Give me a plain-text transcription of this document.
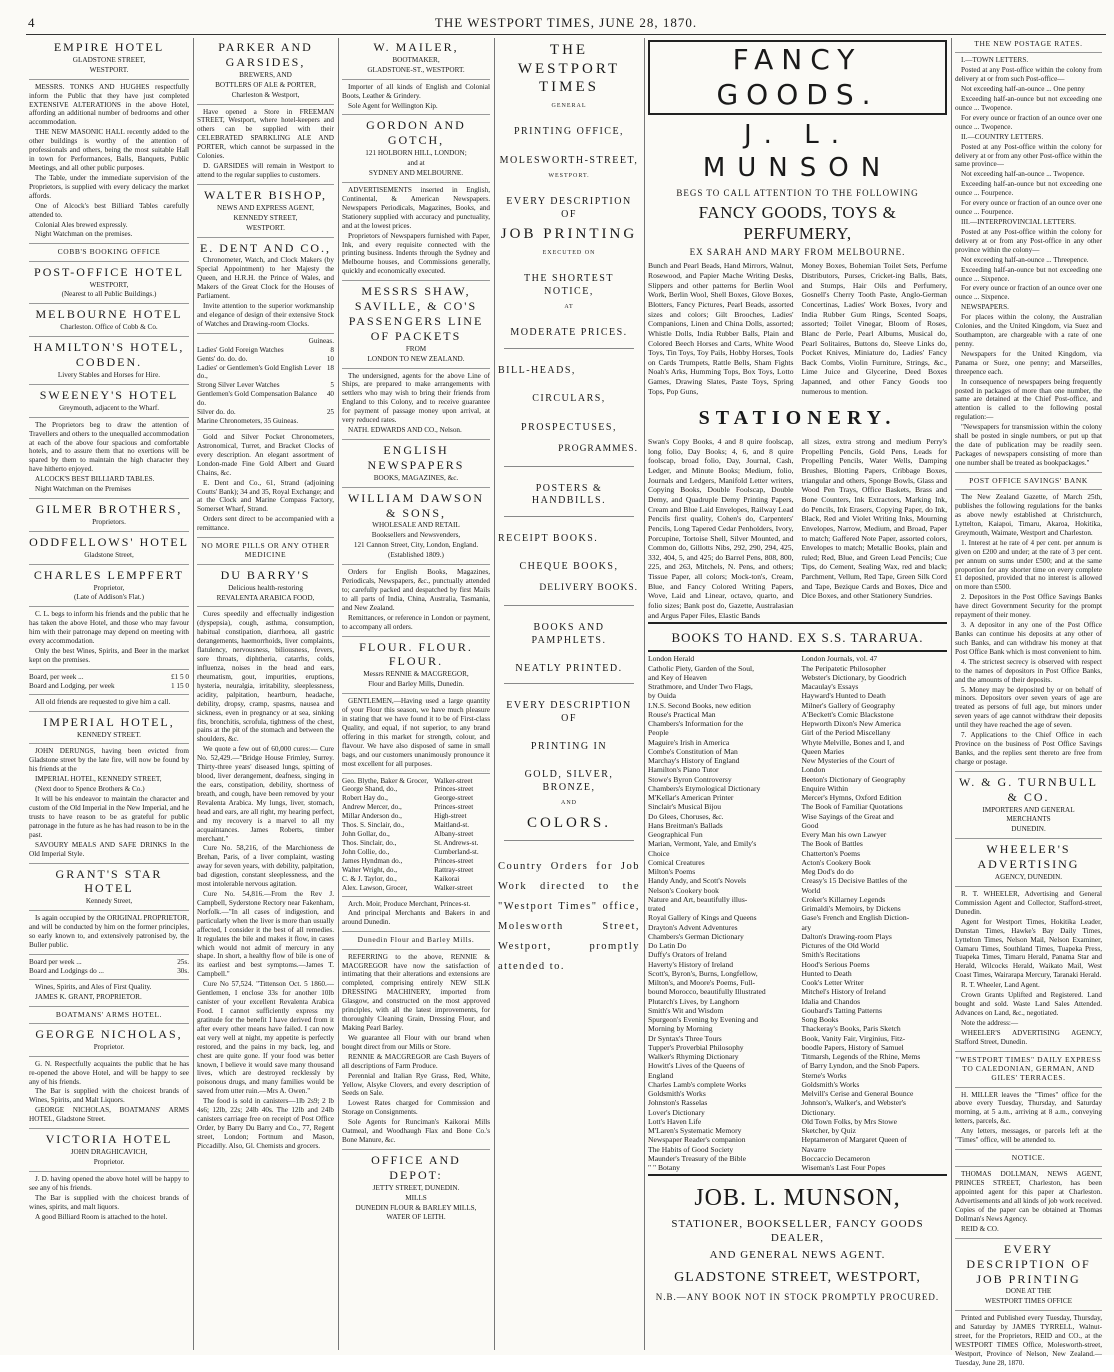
4	THE WESTPORT TIMES, JUNE 28, 1870.
EMPIRE HOTEL
GLADSTONE STREET,
WESTPORT.
MESSRS. TONKS AND HUGHES respectfully inform the Public that they have just completed EXTENSIVE ALTERATIONS in the above Hotel, affording an additional number of bedrooms and other accommodation.
THE NEW MASONIC HALL recently added to the other buildings is worthy of the attention of professionals and others, being the most suitable Hall in town for Performances, Balls, Banquets, Public Meetings, and all other public purposes.
The Table, under the immediate supervision of the Proprietors, is supplied with every delicacy the market affords.
One of Alcock's best Billiard Tables carefully attended to.
Colonial Ales brewed expressly.
Night Watchman on the premises.
COBB'S BOOKING OFFICE
POST-OFFICE HOTEL
WESTPORT,
(Nearest to all Public Buildings.)
MELBOURNE HOTEL
Charleston. Office of Cobb & Co.
HAMILTON'S HOTEL, COBDEN.
Livery Stables and Horses for Hire.
SWEENEY'S HOTEL
Greymouth, adjacent to the Wharf.
The Proprietors beg to draw the attention of Travellers and others to the unequalled accommodation at each of the above four spacious and comfortable hotels, and to assure them that no exertions will be spared by them to maintain the high character they have hitherto enjoyed.
ALCOCK'S BEST BILLIARD TABLES.
Night Watchman on the Premises
GILMER BROTHERS,
Proprietors.
ODDFELLOWS' HOTEL
Gladstone Street,
CHARLES LEMPFERT
Proprietor,
(Late of Addison's Flat.)
C. L. begs to inform his friends and the public that he has taken the above Hotel, and those who may favour him with their patronage may depend on meeting with every accommodation.
Only the best Wines, Spirits, and Beer in the market kept on the premises.
Board, per week ...	£1 5 0
Board and Lodging, per week	1 15 0
All old friends are requested to give him a call.
IMPERIAL HOTEL,
KENNEDY STREET.
JOHN DERUNGS, having been evicted from Gladstone street by the late fire, will now be found by his friends at the
IMPERIAL HOTEL, KENNEDY STREET,
(Next door to Spence Brothers & Co.)
It will be his endeavor to maintain the character and custom of the Old Imperial in the New Imperial, and he trusts to have reason to be as grateful for public patronage in the future as he has had reason to be in the past.
SAVOURY MEALS AND SAFE DRINKS In the Old Imperial Style.
GRANT'S STAR HOTEL
Kennedy Street,
Is again occupied by the ORIGINAL PROPRIETOR, and will be conducted by him on the former principles, so early known to, and extensively patronised by, the Buller public.
Board per week ...	25s.
Board and Lodgings do ...	30s.
Wines, Spirits, and Ales of First Quality.
JAMES K. GRANT, PROPRIETOR.
BOATMANS' ARMS HOTEL.
GEORGE NICHOLAS,
Proprietor.
G. N. Respectfully acquaints the public that he has re-opened the above Hotel, and will be happy to see any of his friends.
The Bar is supplied with the choicest brands of Wines, Spirits, and Malt Liquors.
GEORGE NICHOLAS, BOATMANS' ARMS HOTEL, Gladstone Street.
VICTORIA HOTEL
JOHN DRAGHICAVICH,
Proprietor.
J. D. having opened the above hotel will be happy to see any of his friends.
The Bar is supplied with the choicest brands of wines, spirits, and malt liquors.
A good Billiard Room is attached to the hotel.
PARKER AND GARSIDES,
BREWERS, AND
BOTTLERS OF ALE & PORTER,
Charleston & Westport,
Have opened a Store in FREEMAN STREET, Westport, where hotel-keepers and others can be supplied with their CELEBRATED SPARKLING ALE AND PORTER, which cannot be surpassed in the Colonies.
D. GARSIDES will remain in Westport to attend to the regular supplies to customers.
WALTER BISHOP,
NEWS AND EXPRESS AGENT,
KENNEDY STREET,
WESTPORT.
E. DENT AND CO.,
Chronometer, Watch, and Clock Makers (by Special Appointment) to her Majesty the Queen, and H.R.H. the Prince of Wales, and Makers of the Great Clock for the Houses of Parliament.
Invite attention to the superior workmanship and elegance of design of their extensive Stock of Watches and Drawing-room Clocks.
Guineas.
Ladies' Gold Foreign Watches	8
Gents' do. do. do.	10
Ladies' or Gentlemen's Gold English Lever do.,
18
Strong Silver Lever Watches	5
Gentlemen's Gold Compensation Balance do.
40
Silver do. do.	25
Marine Chronometers, 35 Guineas.
Gold and Silver Pocket Chronometers, Astronomical, Turret, and Bracket Clocks of every description. An elegant assortment of London-made Fine Gold Albert and Guard Chains, &c.
E. Dent and Co., 61, Strand (adjoining Coutts' Bank); 34 and 35, Royal Exchange; and at the Clock and Marine Compass Factory, Somerset Wharf, Strand.
Orders sent direct to be accompanied with a remittance.
NO MORE PILLS OR ANY OTHER MEDICINE
DU BARRY'S
Delicious health-restoring
REVALENTA ARABICA FOOD,
Cures speedily and effectually indigestion (dyspepsia), cough, asthma, consumption, habitual constipation, diarrhoea, all gastric derangements, haemorrhoids, liver complaints, flatulency, nervousness, biliousness, fevers, sore throats, diphtheria, catarrhs, colds, influenza, noises in the head and ears, rheumatism, gout, impurities, eruptions, hysteria, neuralgia, irritability, sleeplessness, acidity, palpitation, heartburn, headache, debility, dropsy, cramp, spasms, nausea and sickness, even in pregnancy or at sea, sinking fits, bronchitis, scrofula, tightness of the chest, pains at the pit of the stomach and between the shoulders, &c.
We quote a few out of 60,000 cures:— Cure No. 52,429.—"Bridge House Frimley, Surrey. Thirty-three years' diseased lungs, spitting of blood, liver derangement, deafness, singing in the ears, constipation, debility, shortness of breath, and cough, have been removed by your Revalenta Arabica. My lungs, liver, stomach, head and ears, are all right, my hearing perfect, and my recovery is a marvel to all my acquaintances. James Roberts, timber merchant."
Cure No. 58,216, of the Marchioness de Brehan, Paris, of a liver complaint, wasting away for seven years, with debility, palpitation, bad digestion, constant sleeplessness, and the most intolerable nervous agitation.
Cure No. 54,816.—From the Rev J. Campbell, Syderstone Rectory near Fakenham, Norfolk.—"In all cases of indigestion, and particularly when the liver is more than usually affected, I consider it the best of all remedies. It regulates the bile and makes it flow, in cases which would not admit of mercury in any shape. In short, a healthy flow of bile is one of its earliest and best symptoms.—James T. Campbell."
Cure No 57,524. "Tittenson Oct. 5 1860.—Gentlemen, I enclose 33s for another 10lb canister of your excellent Revalenta Arabica Food. I cannot sufficiently express my gratitude for the benefit I have derived from it after every other means have failed. I can now eat very well at night, my appetite is perfectly restored, and the pains in my back, leg, and chest are quite gone. If your food was better known, I believe it would save many thousand lives, which are destroyed recklessly by poisonous drugs, and many families would be saved from utter ruin.—Mrs A. Owen."
The food is sold in canisters—1lb 2s9; 2 lb 4s6; 12lb, 22s; 24lb 40s. The 12lb and 24lb canisters carriage free on receipt of Post Office Order, by Barry Du Barry and Co., 77, Regent street, London; Fortnum and Mason, Piccadilly. Also, Gl. Chemists and grocers.
W. MAILER,
BOOTMAKER,
GLADSTONE-ST., WESTPORT.
Importer of all kinds of English and Colonial Boots, Leather & Grindery.
Sole Agent for Wellington Kip.
GORDON AND GOTCH,
121 HOLBORN HILL, LONDON;
and at
SYDNEY AND MELBOURNE.
ADVERTISEMENTS inserted in English, Continental, & American Newspapers. Newspapers Periodicals, Magazines, Books, and Stationery supplied with accuracy and punctuality, and at the lowest prices.
Proprietors of Newspapers furnished with Paper, Ink, and every requisite connected with the printing business. Indents through the Sydney and Melbourne houses, and Commissions generally, quickly and economically executed.
MESSRS SHAW, SAVILLE, & CO'S PASSENGERS LINE OF PACKETS
FROM
LONDON TO NEW ZEALAND.
The undersigned, agents for the above Line of Ships, are prepared to make arrangements with settlers who may wish to bring their friends from England to this Colony, and to receive guarantee for payment of passage money upon arrival, at very reduced rates.
NATH. EDWARDS AND CO., Nelson.
ENGLISH NEWSPAPERS
BOOKS, MAGAZINES, &c.
WILLIAM DAWSON & SONS,
WHOLESALE AND RETAIL
Booksellers and Newsvenders,
121 Cannon Street, City, London, England.
(Established 1809.)
Orders for English Books, Magazines, Periodicals, Newspapers, &c., punctually attended to; carefully packed and despatched by first Mails to all parts of India, China, Australia, Tasmania, and New Zealand.
Remittances, or reference in London or payment, to accompany all orders.
FLOUR. FLOUR. FLOUR.
Messrs RENNIE & MACGREGOR,
Flour and Barley Mills, Dunedin.
GENTLEMEN,—Having used a large quantity of your Flour this season, we have much pleasure in stating that we have found it to be of First-class Quality, and equal, if not superior, to any brand offering in this market for strength, colour, and flavour. We have also disposed of same in small bags, and our customers unanimously pronounce it most excellent for all purposes.
Geo. Blythe, Baker & Grocer, Walker-street
George Shand, do.,	Princes-street
Robert Hay do.,	George-street
Andrew Mercer, do.,	Princes-street
Millar Anderson do.,	High-street
Thos. S. Sinclair, do.,	Maitland-st.
John Gollar, do.,	Albany-street
Thos. Sinclair, do.,	St. Andrews-st.
John Collie, do.,	Cumberland-st.
James Hyndman do.,	Princes-street
Walter Wright, do.,	Rattray-street
C. & J. Taylor, do.,	Kaikorai
Alex. Lawson, Grocer,	Walker-street
Arch. Moir, Produce Merchant, Princes-st.
And principal Merchants and Bakers in and around Dunedin.
Dunedin Flour and Barley Mills.
REFERRING to the above, RENNIE & MACGREGOR have now the satisfaction of intimating that their alterations and extensions are completed, comprising entirely NEW SILK DRESSING MACHINERY, imported from Glasgow, and constructed on the most approved principles, with all the latest improvements, for thoroughly Cleaning Grain, Dressing Flour, and Making Pearl Barley.
We guarantee all Flour with our brand when bought direct from our Mills or Store.
RENNIE & MACGREGOR are Cash Buyers of all descriptions of Farm Produce.
Perennial and Italian Rye Grass, Red, White, Yellow, Alsyke Clovers, and every description of Seeds on Sale.
Lowest Rates charged for Commission and Storage on Consignments.
Sole Agents for Runciman's Kaikorai Mills Oatmeal, and Woodhaugh Flax and Bone Co.'s Bone Manure, &c.
OFFICE AND DEPOT:
JETTY STREET, DUNEDIN.
MILLS
DUNEDIN FLOUR & BARLEY MILLS,
WATER OF LEITH.
THE WESTPORT TIMES
GENERAL
PRINTING OFFICE,
MOLESWORTH-STREET,
WESTPORT.
EVERY DESCRIPTION OF
JOB PRINTING
EXECUTED ON
THE SHORTEST NOTICE,
AT
MODERATE PRICES.
BILL-HEADS,
CIRCULARS,
PROSPECTUSES,
PROGRAMMES.
POSTERS & HANDBILLS.
RECEIPT BOOKS.
CHEQUE BOOKS,
DELIVERY BOOKS.
BOOKS AND PAMPHLETS.
NEATLY PRINTED.
EVERY DESCRIPTION OF
PRINTING IN
GOLD, SILVER, BRONZE,
AND
COLORS.
Country Orders for Job Work directed to the "Westport Times" office, Molesworth Street, Westport, promptly attended to.
FANCY GOODS.
J. L. MUNSON
BEGS TO CALL ATTENTION TO THE FOLLOWING
FANCY GOODS, TOYS & PERFUMERY,
EX SARAH AND MARY FROM MELBOURNE.
Bunch and Pearl Beads, Hand Mirrors, Walnut, Rosewood, and Papier Mache Writing Desks, Slippers and other patterns for Berlin Wool Work, Berlin Wool, Shell Boxes, Glove Boxes, Blotters, Fancy Pictures, Pearl Beads, assorted sizes and colors; Gilt Brooches, Ladies' Companions, Linen and China Dolls, assorted; Whistle Dolls, India Rubber Balls, Plain and Colored Beech Horses and Carts, White Wood Toys, Tin Toys, Toy Pails, Hobby Horses, Tools on Cards Trumpets, Rattle Bells, Sham Fights Noah's Arks, Humming Tops, Box Toys, Lotto Games, Drawing Slates, Paste Toys, Spring Tops, Pop Guns,
Money Boxes, Bohemian Toilet Sets, Perfume Distributors, Purses, Cricket-ing Balls, Bats, and Stumps, Hair Oils and Perfumery, Gosnell's Cherry Tooth Paste, Anglo-German Concertinas, Ladies' Work Boxes, Ivory and India Rubber Gum Rings, Scented Soaps, assorted; Toilet Vinegar, Bloom of Roses, Blanc de Perle, Pearl Albums, Musical do, Pearl Solitaires, Buttons do, Sleeve Links do, Pocket Knives, Miniature do, Ladies' Fancy Back Combs, Violin Furniture, Strings, &c., Lime Juice and Glycerine, Deed Boxes Japanned, and other Fancy Goods too numerous to mention.
STATIONERY.
Swan's Copy Books, 4 and 8 quire foolscap, long folio, Day Books; 4, 6, and 8 quire foolscap, broad folio, Day, Journal, Cash, Ledger, and Minute Books; Medium, folio, Journals and Ledgers, Manifold Letter writers, Copying Books, Double Foolscap, Double Demy, and Quadruple Demy Printing Papers, Cream and Blue Laid Envelopes, Railway Lead Pencils first quality, Cohen's do, Carpenters' Pencils, Long Tapered Cedar Penholders, Ivory, Porcupine, Tortoise Shell, Silver Mounted, and Common do, Gillotts Nibs, 292, 290, 294, 425, 332, 404, 5, and 425; do Barrel Pens, 808, 800, 225, and 263, Mitchels, N. Pens, and others; Tissue Paper, all colors; Mock-ton's, Cream, Blue, and Fancy Colored Writing Papers, Wove, Laid and Linear, octavo, quarto, and folio sizes; Bank post do, Gazette, Australasian and Argus Paper Files, Elastic Bands
all sizes, extra strong and medium Perry's Propelling Pencils, Gold Pens, Leads for Propelling Pencils, Water Wells, Damping Brushes, Blotting Papers, Cribbage Boxes, triangular and others, Sponge Bowls, Glass and Wood Pen Trays, Office Baskets, Brass and Bone Counters, Ink Extractors, Marking Ink, do Pencils, Ink Erasers, Copying Paper, do Ink, Black, Red and Violet Writing Inks, Mourning Envelopes, Narrow, Medium, and Broad, Paper to match; Gaffered Note Paper, assorted colors, Envelopes to match; Metallic Books, plain and ruled; Red, Blue, and Green Lead Pencils; Cue Tips, do Cement, Sealing Wax, red and black; Parchment, Vellum, Red Tape, Green Silk Cord and Tape, Bezique Cards and Boxes, Dice and Dice Boxes, and other Stationery Sundries.
BOOKS TO HAND. EX S.S. TARARUA.
London Herald
Catholic Piety, Garden of the Soul,
and Key of Heaven
Strathmore, and Under Two Flags,
by Ouida
I.N.S. Second Books, new edition
Rouse's Practical Man
Chambers's Information for the
People
Maguire's Irish in America
Combe's Constitution of Man
Marchay's History of England
Hamilton's Piano Tutor
Stowe's Byron Controversy
Chambers's Etymological Dictionary
M'Kellar's American Printer
Sinclair's Musical Bijou
Do Glees, Choruses, &c.
Hans Breitman's Ballads
Geographical Fun
Marian, Vermont, Yale, and Emily's
Choice
Comical Creatures
Milton's Poems
Handy Andy, and Scott's Novels
Nelson's Cookery book
Nature and Art, beautifully illus-
trated
Royal Gallery of Kings and Queens
Drayton's Advent Adventures
Chambers's German Dictionary
Do Latin Do
Duffy's Orators of Ireland
Haverty's History of Ireland
Scott's, Byron's, Burns, Longfellow,
Milton's, and Moore's Poems, Full-
bound Morocco, beautifully Illustrated
Plutarch's Lives, by Langhorn
Smith's Wit and Wisdom
Spurgeon's Evening by Evening and
Morning by Morning
Dr Syntax's Three Tours
Tupper's Proverbial Philosophy
Walker's Rhyming Dictionary
Howitt's Lives of the Queens of
England
Charles Lamb's complete Works
Goldsmith's Works
Johnston's Rasselas
Lover's Dictionary
Lott's Haven Life
M'Laren's Systematic Memory
Newspaper Reader's companion
The Habits of Good Society
Maunder's Treasury of the Bible
" " Botany
London Journals, vol. 47
The Peripatetic Philosopher
Webster's Dictionary, by Goodrich
Macaulay's Essays
Hayward's Hunted to Death
Milner's Gallery of Geography
A'Beckett's Comic Blackstone
Hepworth Dixon's New America
Girl of the Period Miscellany
Whyte Melville, Bones and I, and
Queen Maries
New Mysteries of the Court of
London
Beeton's Dictionary of Geography
Enquire Within
Mercer's Hymns, Oxford Edition
The Book of Familiar Quotations
Wise Sayings of the Great and
Good
Every Man his own Lawyer
The Book of Battles
Chatterton's Poems
Acton's Cookery Book
Meg Dod's do do
Creasy's 15 Decisive Battles of the
World
Croker's Killarney Legends
Grimaldi's Memoirs, by Dickens
Gase's French and English Diction-
ary
Dalton's Drawing-room Plays
Pictures of the Old World
Smith's Recitations
Hood's Serious Poems
Hunted to Death
Cook's Letter Writer
Mitchel's History of Ireland
Idalia and Chandos
Goubard's Tatting Patterns
Song Books
Thackeray's Books, Paris Sketch
Book, Vanity Fair, Virginius, Fitz-
boodle Papers, History of Samuel
Titmarsh, Legends of the Rhine, Mems
of Barry Lyndon, and the Snob Papers.
Sterne's Works
Goldsmith's Works
Melvill's Cerise and General Bounce
Johnson's, Walker's, and Webster's
Dictionary.
Old Town Folks, by Mrs Stowe
Sketcher, by Quiz
Heptameron of Margaret Queen of
Navarre
Boccaccio Decameron
Wiseman's Last Four Popes
JOB. L. MUNSON,
STATIONER, BOOKSELLER, FANCY GOODS DEALER,
AND GENERAL NEWS AGENT.
GLADSTONE STREET, WESTPORT,
N.B.—ANY BOOK NOT IN STOCK PROMPTLY PROCURED.
THE NEW POSTAGE RATES.
I.—TOWN LETTERS.
Posted at any Post-office within the colony from delivery at or from such Post-office—
Not exceeding half-an-ounce ... One penny
Exceeding half-an-ounce but not exceeding one ounce ... Twopence.
For every ounce or fraction of an ounce over one ounce ... Twopence.
II.—COUNTRY LETTERS.
Posted at any Post-office within the colony for delivery at or from any other Post-office within the same province—
Not exceeding half-an-ounce ... Twopence.
Exceeding half-an-ounce but not exceeding one ounce ... Fourpence.
For every ounce or fraction of an ounce over one ounce ... Fourpence.
III.—INTERPROVINCIAL LETTERS.
Posted at any Post-office within the colony for delivery at or from any Post-office in any other province within the colony—
Not exceeding half-an-ounce ... Threepence.
Exceeding half-an-ounce but not exceeding one ounce ... Sixpence.
For every ounce or fraction of an ounce over one ounce ... Sixpence.
NEWSPAPERS.
For places within the colony, the Australian Colonies, and the United Kingdom, via Suez and Southampton, are chargeable with a rate of one penny.
Newspapers for the United Kingdom, via Panama or Suez, one penny; and Marseilles, threepence each.
In consequence of newspapers being frequently posted in packages of more than one number, the same are detained at the Chief Post-office, and attention is called to the following postal regulation:—
"Newspapers for transmission within the colony shall be posted in single numbers, or put up that the date of publication may be readily seen. Packages of newspapers consisting of more than one number shall be treated as bookpackages."
POST OFFICE SAVINGS' BANK
The New Zealand Gazette, of March 25th, publishes the following regulations for the banks as above newly established at Christchurch, Lyttelton, Kaiapoi, Timaru, Akaroa, Hokitika, Greymouth, Waimate, Westport and Charleston.
1. Interest at he rate of 4 per cent. per annum is given on £200 and under; at the rate of 3 per cent. per annum on sums under £500; and at the same proportion for any shorter time on every complete £1 deposited, provided that no interest is allowed on more than £500.
2. Depositors in the Post Office Savings Banks have direct Government Security for the prompt repayment of their money.
3. A depositor in any one of the Post Office Banks can continue his deposits at any other of such Banks, and can withdraw his money at that Post Office Bank which is most convenient to him.
4. The strictest secrecy is observed with respect to the names of depositors in Post Office Banks, and the amounts of their deposits.
5. Money may be deposited by or on behalf of minors. Depositors over seven years of age are treated as persons of full age, but minors under seven years of age cannot withdraw their deposits until they have reached the age of seven.
7. Applications to the Chief Office in each Province on the business of Post Office Savings Banks, and the replies sent thereto are free from charge or postage.
W. & G. TURNBULL & CO.
IMPORTERS AND GENERAL
MERCHANTS
DUNEDIN.
WHEELER'S ADVERTISING
AGENCY, DUNEDIN.
R. T. WHEELER, Advertising and General Commission Agent and Collector, Stafford-street, Dunedin.
Agent for Westport Times, Hokitika Leader, Dunstan Times, Hawke's Bay Daily Times, Lyttelton Times, Nelson Mail, Nelson Examiner, Oamaru Times, Southland Times, Tuapeka Press, Tuapeka Times, Timaru Herald, Panama Star and Herald, Wilcocks Herald, Waikato Mail, West Coast Times, Wairarapa Mercury, Taranaki Herald.
R. T. Wheeler, Land Agent.
Crown Grants Uplifted and Registered. Land bought and sold. Waste Land Sales Attended. Advances on Land, &c., negotiated.
Note the address:—
WHEELER'S ADVERTISING AGENCY, Stafford Street, Dunedin.
"WESTPORT TIMES" DAILY EXPRESS TO CALEDONIAN, GERMAN, AND GILES' TERRACES.
H. MILLER leaves the "Times" office for the above every Tuesday, Thursday, and Saturday morning, at 5 a.m., arriving at 8 a.m., conveying letters, parcels, &c.
Any letters, messages, or parcels left at the "Times" office, will be attended to.
NOTICE.
THOMAS DOLLMAN, NEWS AGENT, PRINCES STREET, Charleston, has been appointed agent for this paper at Charleston. Advertisements and all kinds of job work received. Copies of the paper can be obtained at Thomas Dollman's News Agency.
REID & CO.
EVERY DESCRIPTION OF JOB PRINTING
DONE AT THE
WESTPORT TIMES OFFICE
Printed and Published every Tuesday, Thursday, and Saturday by JAMES TYRRELL, Walnut-street, for the Proprietors, REID and CO., at the WESTPORT TIMES Office, Molesworth-street, Westport, Province of Nelson, New Zealand.—Tuesday, June 28, 1870.
